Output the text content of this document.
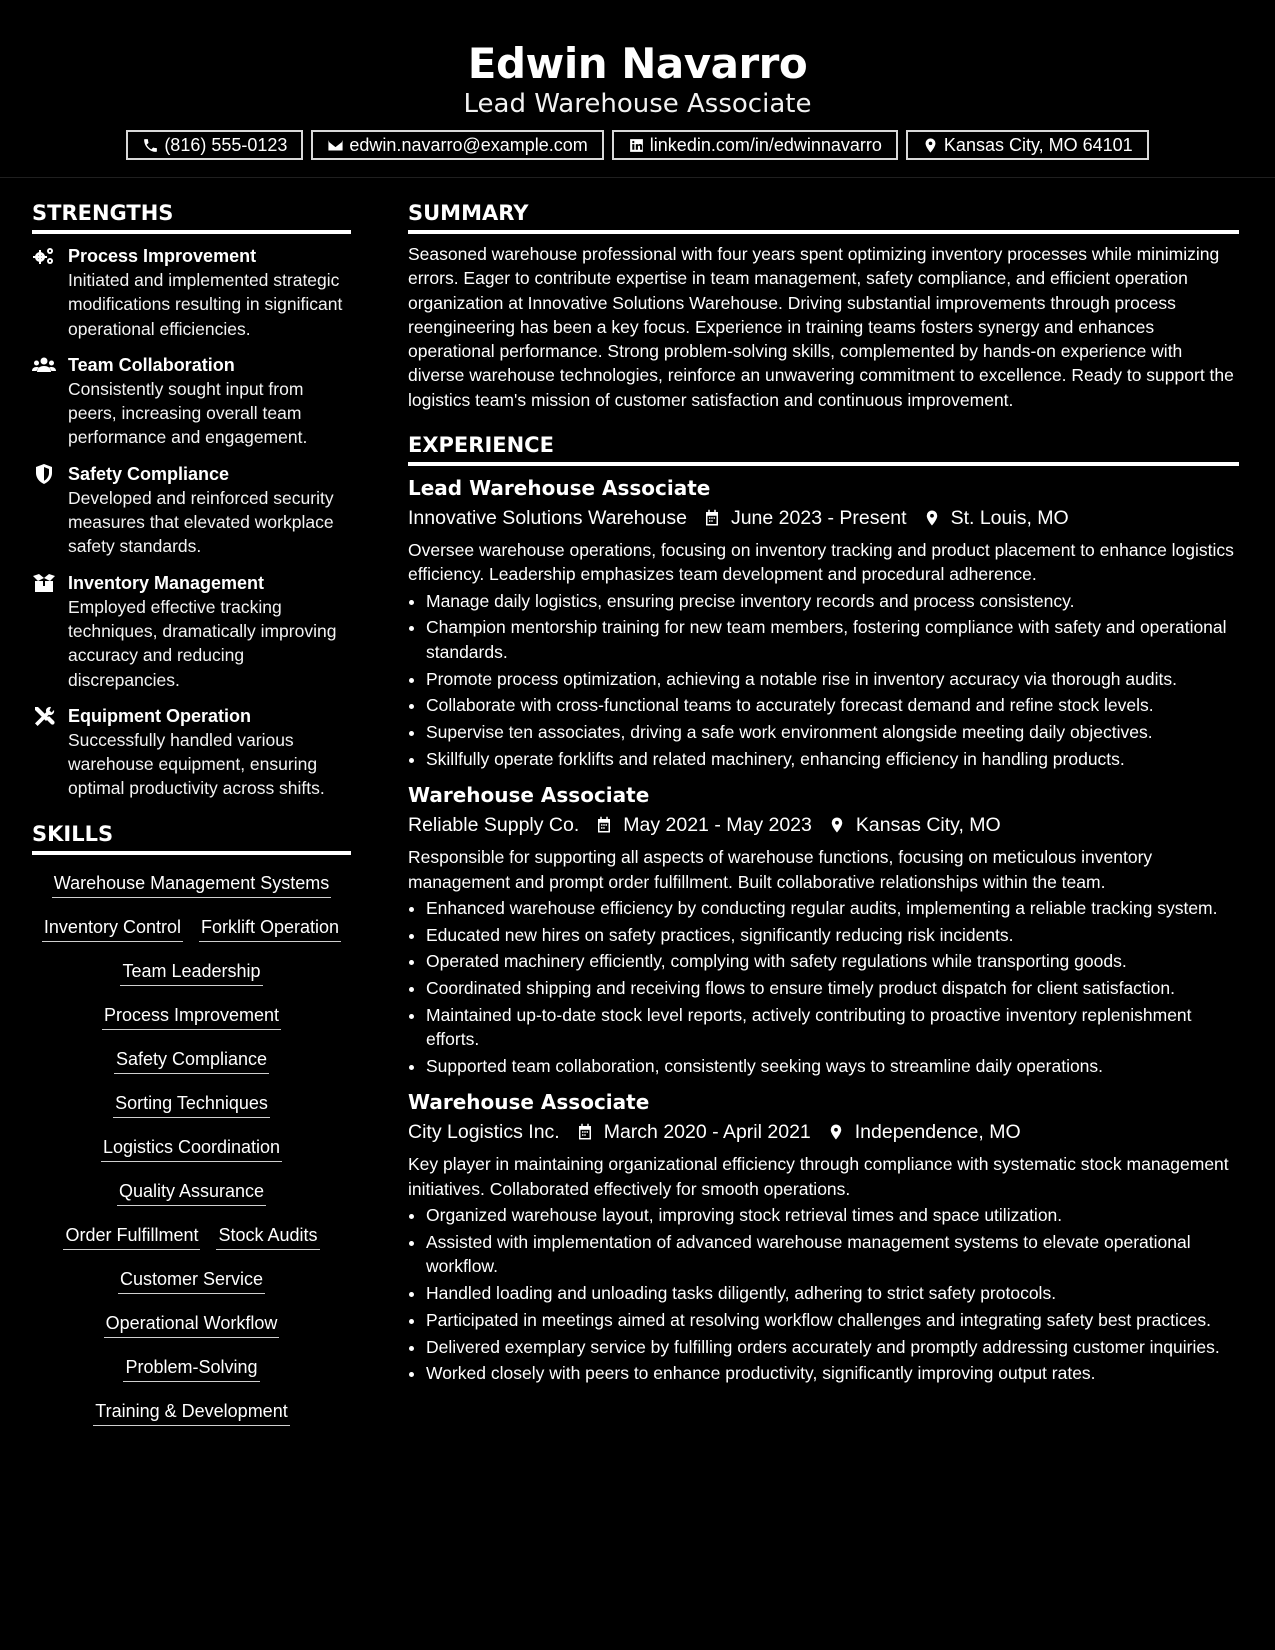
Edwin Navarro
Lead Warehouse Associate
(816) 555-0123	edwin.navarro@example.com	linkedin.com/in/edwinnavarro	Kansas City, MO 64101
STRENGTHS
Process Improvement
Initiated and implemented strategic modifications resulting in significant operational efficiencies.
Team Collaboration
Consistently sought input from peers, increasing overall team performance and engagement.
Safety Compliance
Developed and reinforced security measures that elevated workplace safety standards.
Inventory Management
Employed effective tracking techniques, dramatically improving accuracy and reducing discrepancies.
Equipment Operation
Successfully handled various warehouse equipment, ensuring optimal productivity across shifts.
SKILLS
Warehouse Management Systems
Inventory Control Forklift Operation
Team Leadership
Process Improvement
Safety Compliance
Sorting Techniques
Logistics Coordination
Quality Assurance
Order Fulfillment Stock Audits
Customer Service
Operational Workflow
Problem-Solving
Training & Development
SUMMARY
Seasoned warehouse professional with four years spent optimizing inventory processes while minimizing errors. Eager to contribute expertise in team management, safety compliance, and efficient operation organization at Innovative Solutions Warehouse. Driving substantial improvements through process reengineering has been a key focus. Experience in training teams fosters synergy and enhances operational performance. Strong problem-solving skills, complemented by hands-on experience with diverse warehouse technologies, reinforce an unwavering commitment to excellence. Ready to support the logistics team's mission of customer satisfaction and continuous improvement.
EXPERIENCE
Lead Warehouse Associate
Innovative Solutions Warehouse June 2023 - Present St. Louis, MO
Oversee warehouse operations, focusing on inventory tracking and product placement to enhance logistics efficiency. Leadership emphasizes team development and procedural adherence.
• Manage daily logistics, ensuring precise inventory records and process consistency.
• Champion mentorship training for new team members, fostering compliance with safety and operational standards.
• Promote process optimization, achieving a notable rise in inventory accuracy via thorough audits.
• Collaborate with cross-functional teams to accurately forecast demand and refine stock levels.
• Supervise ten associates, driving a safe work environment alongside meeting daily objectives.
• Skillfully operate forklifts and related machinery, enhancing efficiency in handling products.
Warehouse Associate
Reliable Supply Co. May 2021 - May 2023 Kansas City, MO
Responsible for supporting all aspects of warehouse functions, focusing on meticulous inventory management and prompt order fulfillment. Built collaborative relationships within the team.
• Enhanced warehouse efficiency by conducting regular audits, implementing a reliable tracking system.
• Educated new hires on safety practices, significantly reducing risk incidents.
• Operated machinery efficiently, complying with safety regulations while transporting goods.
• Coordinated shipping and receiving flows to ensure timely product dispatch for client satisfaction.
• Maintained up-to-date stock level reports, actively contributing to proactive inventory replenishment efforts.
• Supported team collaboration, consistently seeking ways to streamline daily operations.
Warehouse Associate
City Logistics Inc. March 2020 - April 2021 Independence, MO
Key player in maintaining organizational efficiency through compliance with systematic stock management initiatives. Collaborated effectively for smooth operations.
• Organized warehouse layout, improving stock retrieval times and space utilization.
• Assisted with implementation of advanced warehouse management systems to elevate operational workflow.
• Handled loading and unloading tasks diligently, adhering to strict safety protocols.
• Participated in meetings aimed at resolving workflow challenges and integrating safety best practices.
• Delivered exemplary service by fulfilling orders accurately and promptly addressing customer inquiries.
• Worked closely with peers to enhance productivity, significantly improving output rates.
